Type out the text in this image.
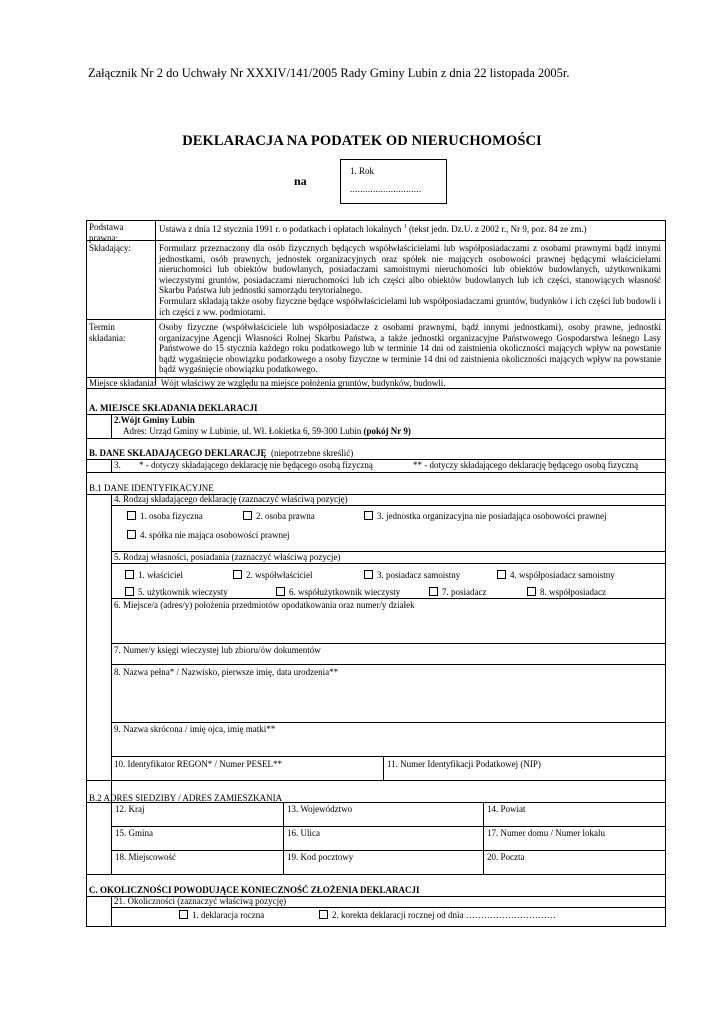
Załącznik Nr 2 do Uchwały Nr XXXIV/141/2005 Rady Gminy Lubin z dnia 22 listopada 2005r.
DEKLARACJA NA PODATEK OD NIERUCHOMOŚCI
na
1. Rok
............................
Podstawa prawna:
Ustawa z dnia 12 stycznia 1991 r. o podatkach i opłatach lokalnych $^1$ (tekst jedn. Dz.U. z 2002 r., Nr 9, poz. 84 ze zm.)
Składający:	Formularz przeznaczony dla osób fizycznych będących współwłaścicielami lub współposiadaczami z osobami prawnymi bądź innymi jednostkami, osób prawnych, jednostek organizacyjnych oraz spółek nie mających osobowości prawnej będącymi właścicielami nieruchomości lub obiektów budowlanych, posiadaczami samoistnymi nieruchomości lub obiektów budowlanych, użytkownikami wieczystymi gruntów, posiadaczami nieruchomości lub ich części albo obiektów budowlanych lub ich części, stanowiących własność Skarbu Państwa lub jednostki samorządu terytorialnego.
Formularz składają także osoby fizyczne będące współwłaścicielami lub współposiadaczami gruntów, budynków i ich części lub budowli i ich części z ww. podmiotami.
Termin składania:
Osoby fizyczne (współwłaściciele lub współposiadacze z osobami prawnymi, bądź innymi jednostkami), osoby prawne, jednostki organizacyjne Agencji Własności Rolnej Skarbu Państwa, a także jednostki organizacyjne Państwowego Gospodarstwa leśnego Lasy Państwowe do 15 stycznia każdego roku podatkowego lub w terminie 14 dni od zaistnienia okoliczności mających wpływ na powstanie bądź wygaśnięcie obowiązku podatkowego a osoby fizyczne w terminie 14 dni od zaistnienia okoliczności mających wpływ na powstanie bądź wygaśnięcie obowiązku podatkowego.
Miejsce składania: Wójt właściwy ze względu na miejsce położenia gruntów, budynków, budowli.
A. MIEJSCE SKŁADANIA DEKLARACJI
2.Wójt Gminy Lubin
Adres: Urząd Gminy w Lubinie, ul. Wł. Łokietka 6, 59-300 Lubin (pokój Nr 9)
B. DANE SKŁADAJĄCEGO DEKLARACJĘ (niepotrzebne skreślić)
3. * - dotyczy składającego deklarację nie będącego osobą fizyczną	** - dotyczy składającego deklarację będącego osobą fizyczną
B.1 DANE IDENTYFIKACYJNE
4. Rodzaj składającego deklarację (zaznaczyć właściwą pozycję)
1. osoba fizyczna	2. osoba prawna	3. jednostka organizacyjna nie posiadająca osobowości prawnej
4. spółka nie mająca osobowości prawnej
5. Rodzaj własności, posiadania (zaznaczyć właściwą pozycje)
1. właściciel	2. współwłaściciel	3. posiadacz samoistny	4. współposiadacz samoistny
5. użytkownik wieczysty	6. współużytkownik wieczysty	7. posiadacz	8. współposiadacz
6. Miejsce/a (adres/y) położenia przedmiotów opodatkowania oraz numer/y działek
7. Numer/y księgi wieczystej lub zbioru/ów dokumentów
8. Nazwa pełna* / Nazwisko, pierwsze imię, data urodzenia**
9. Nazwa skrócona / imię ojca, imię matki**
10. Identyfikator REGON* / Numer PESEL**	11. Numer Identyfikacji Podatkowej (NIP)
B.2 ADRES SIEDZIBY / ADRES ZAMIESZKANIA
12. Kraj	13. Województwo	14. Powiat
15. Gmina	16. Ulica	17. Numer domu / Numer lokalu
18. Miejscowość	19. Kod pocztowy	20. Poczta
C. OKOLICZNOŚCI POWODUJĄCE KONIECZNOŚĆ ZŁOŻENIA DEKLARACJI
21. Okoliczności (zaznaczyć właściwą pozycję)
1. deklaracja roczna	2. korekta deklaracji rocznej od dnia …………………………
